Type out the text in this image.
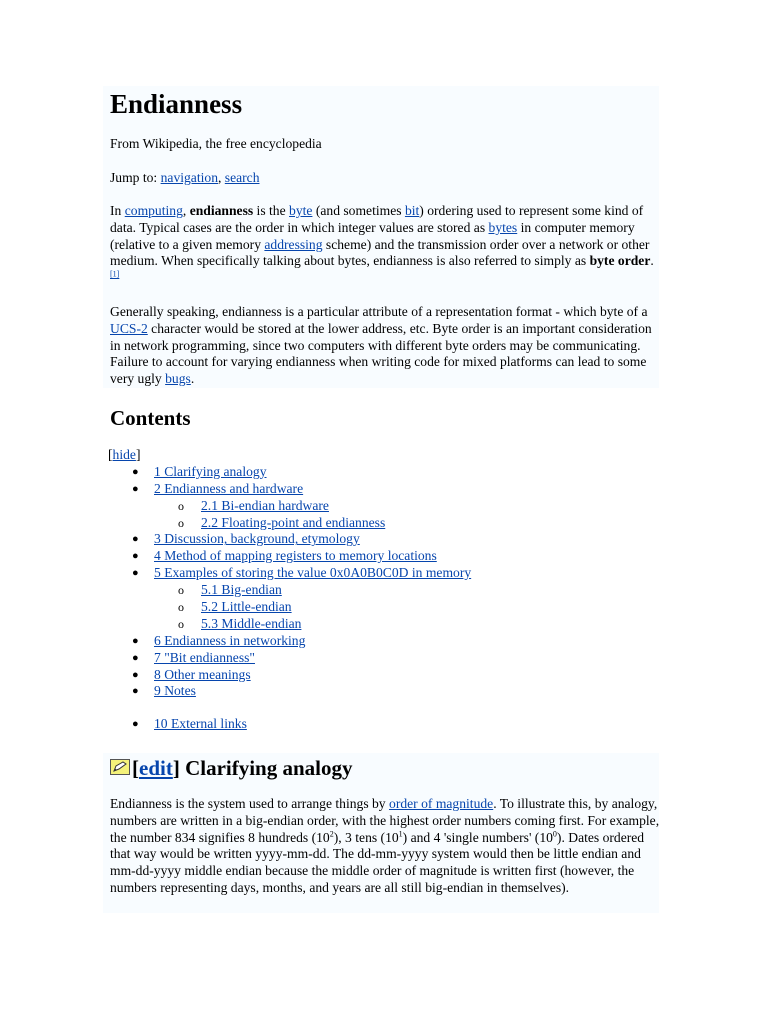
Endianness

From Wikipedia, the free encyclopedia

Jump to: navigation, search

In computing, endianness is the byte (and sometimes bit) ordering used to represent some kind of data. Typical cases are the order in which integer values are stored as bytes in computer memory (relative to a given memory addressing scheme) and the transmission order over a network or other medium. When specifically talking about bytes, endianness is also referred to simply as byte order. [1]

Generally speaking, endianness is a particular attribute of a representation format - which byte of a UCS-2 character would be stored at the lower address, etc. Byte order is an important consideration in network programming, since two computers with different byte orders may be communicating. Failure to account for varying endianness when writing code for mixed platforms can lead to some very ugly bugs.

Contents
[hide]
● 1 Clarifying analogy
● 2 Endianness and hardware
o 2.1 Bi-endian hardware
o 2.2 Floating-point and endianness
● 3 Discussion, background, etymology
● 4 Method of mapping registers to memory locations
● 5 Examples of storing the value 0x0A0B0C0D in memory
o 5.1 Big-endian
o 5.2 Little-endian
o 5.3 Middle-endian
● 6 Endianness in networking
● 7 "Bit endianness"
● 8 Other meanings
● 9 Notes
● 10 External links
[edit] Clarifying analogy

Endianness is the system used to arrange things by order of magnitude. To illustrate this, by analogy, numbers are written in a big-endian order, with the highest order numbers coming first. For example, the number 834 signifies 8 hundreds $(10^2)$, 3 tens $(10^1)$ and 4 'single numbers' $(10^0)$. Dates ordered that way would be written yyyy-mm-dd. The dd-mm-yyyy system would then be little endian and mm-dd-yyyy middle endian because the middle order of magnitude is written first (however, the numbers representing days, months, and years are all still big-endian in themselves).
